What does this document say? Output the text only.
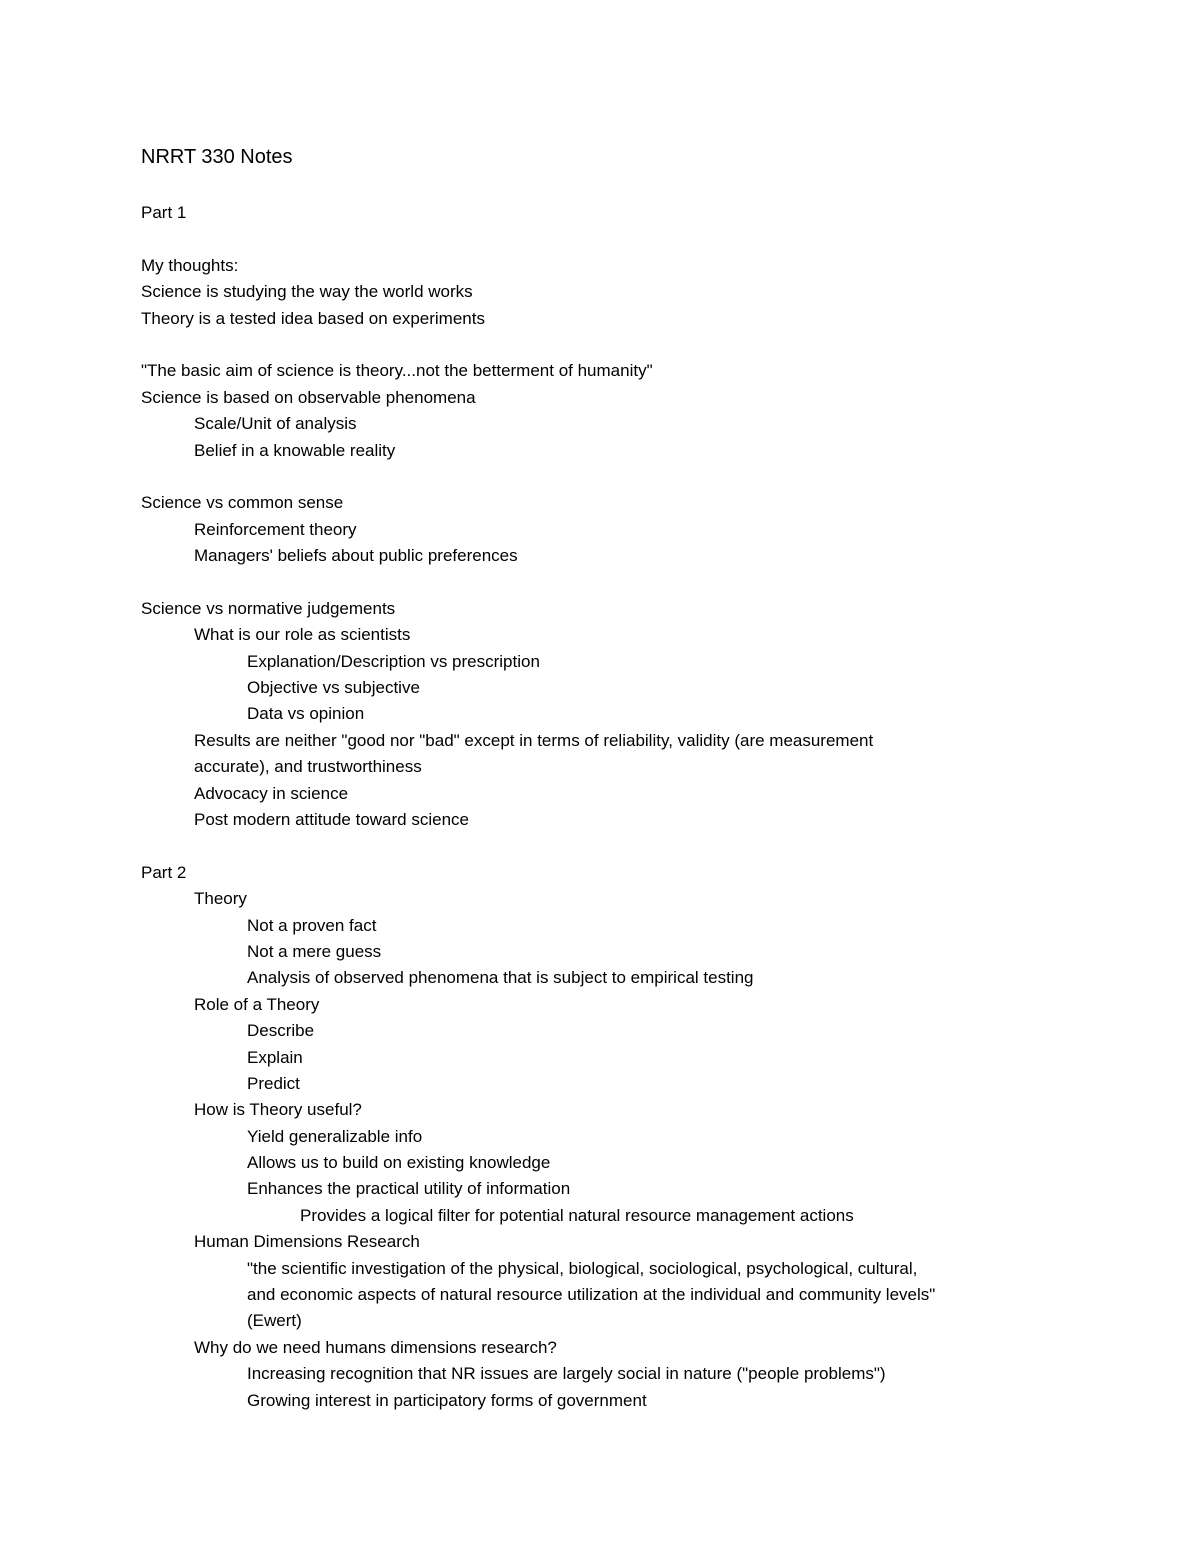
NRRT 330 Notes
Part 1
My thoughts:
Science is studying the way the world works
Theory is a tested idea based on experiments
"The basic aim of science is theory...not the betterment of humanity"
Science is based on observable phenomena
Scale/Unit of analysis
Belief in a knowable reality
Science vs common sense
Reinforcement theory
Managers' beliefs about public preferences
Science vs normative judgements
What is our role as scientists
Explanation/Description vs prescription
Objective vs subjective
Data vs opinion
Results are neither "good nor "bad" except in terms of reliability, validity (are measurement
accurate), and trustworthiness
Advocacy in science
Post modern attitude toward science
Part 2
Theory
Not a proven fact
Not a mere guess
Analysis of observed phenomena that is subject to empirical testing
Role of a Theory
Describe
Explain
Predict
How is Theory useful?
Yield generalizable info
Allows us to build on existing knowledge
Enhances the practical utility of information
Provides a logical filter for potential natural resource management actions
Human Dimensions Research
"the scientific investigation of the physical, biological, sociological, psychological, cultural,
and economic aspects of natural resource utilization at the individual and community levels"
(Ewert)
Why do we need humans dimensions research?
Increasing recognition that NR issues are largely social in nature ("people problems")
Growing interest in participatory forms of government
